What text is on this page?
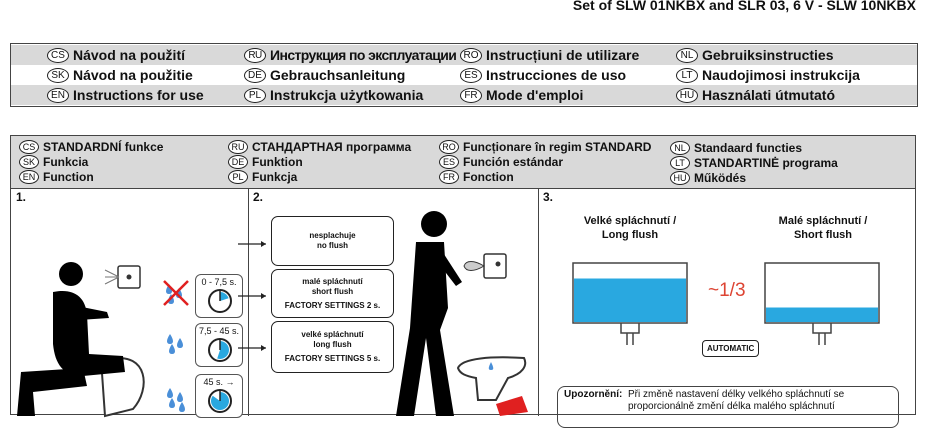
Set of SLW 01NKBX and SLR 03, 6 V - SLW 10NKBX
CS Návod na použití
SK Návod na použitie
EN Instructions for use
RU Инструкция по эксплуатации
DE Gebrauchsanleitung
PL Instrukcja użytkowania
RO Instrucțiuni de utilizare
ES Instrucciones de uso
FR Mode d'emploi
NL Gebruiksinstructies
LT Naudojimosi instrukcija
HU Használati útmutató
CS STANDARDNÍ funkce
SK Funkcia
EN Function
RU СТАНДАРТНАЯ программа
DE Funktion
PL Funkcja
RO Funcționare în regim STANDARD
ES Función estándar
FR Fonction
NL Standaard functies
LT STANDARTINĖ programa
HU Működés
1.
0 - 7,5 s.
7,5 - 45 s.
45 s. →
2.
nesplachuje
no flush
malé spláchnutí
short flush
FACTORY SETTINGS 2 s.
velké spláchnutí
long flush
FACTORY SETTINGS 5 s.
3.
Velké spláchnutí /
Long flush
Malé spláchnutí /
Short flush
~1/3
AUTOMATIC
Upozornění: Při změně nastavení délky velkého spláchnutí se proporcionálně změní délka malého spláchnutí
